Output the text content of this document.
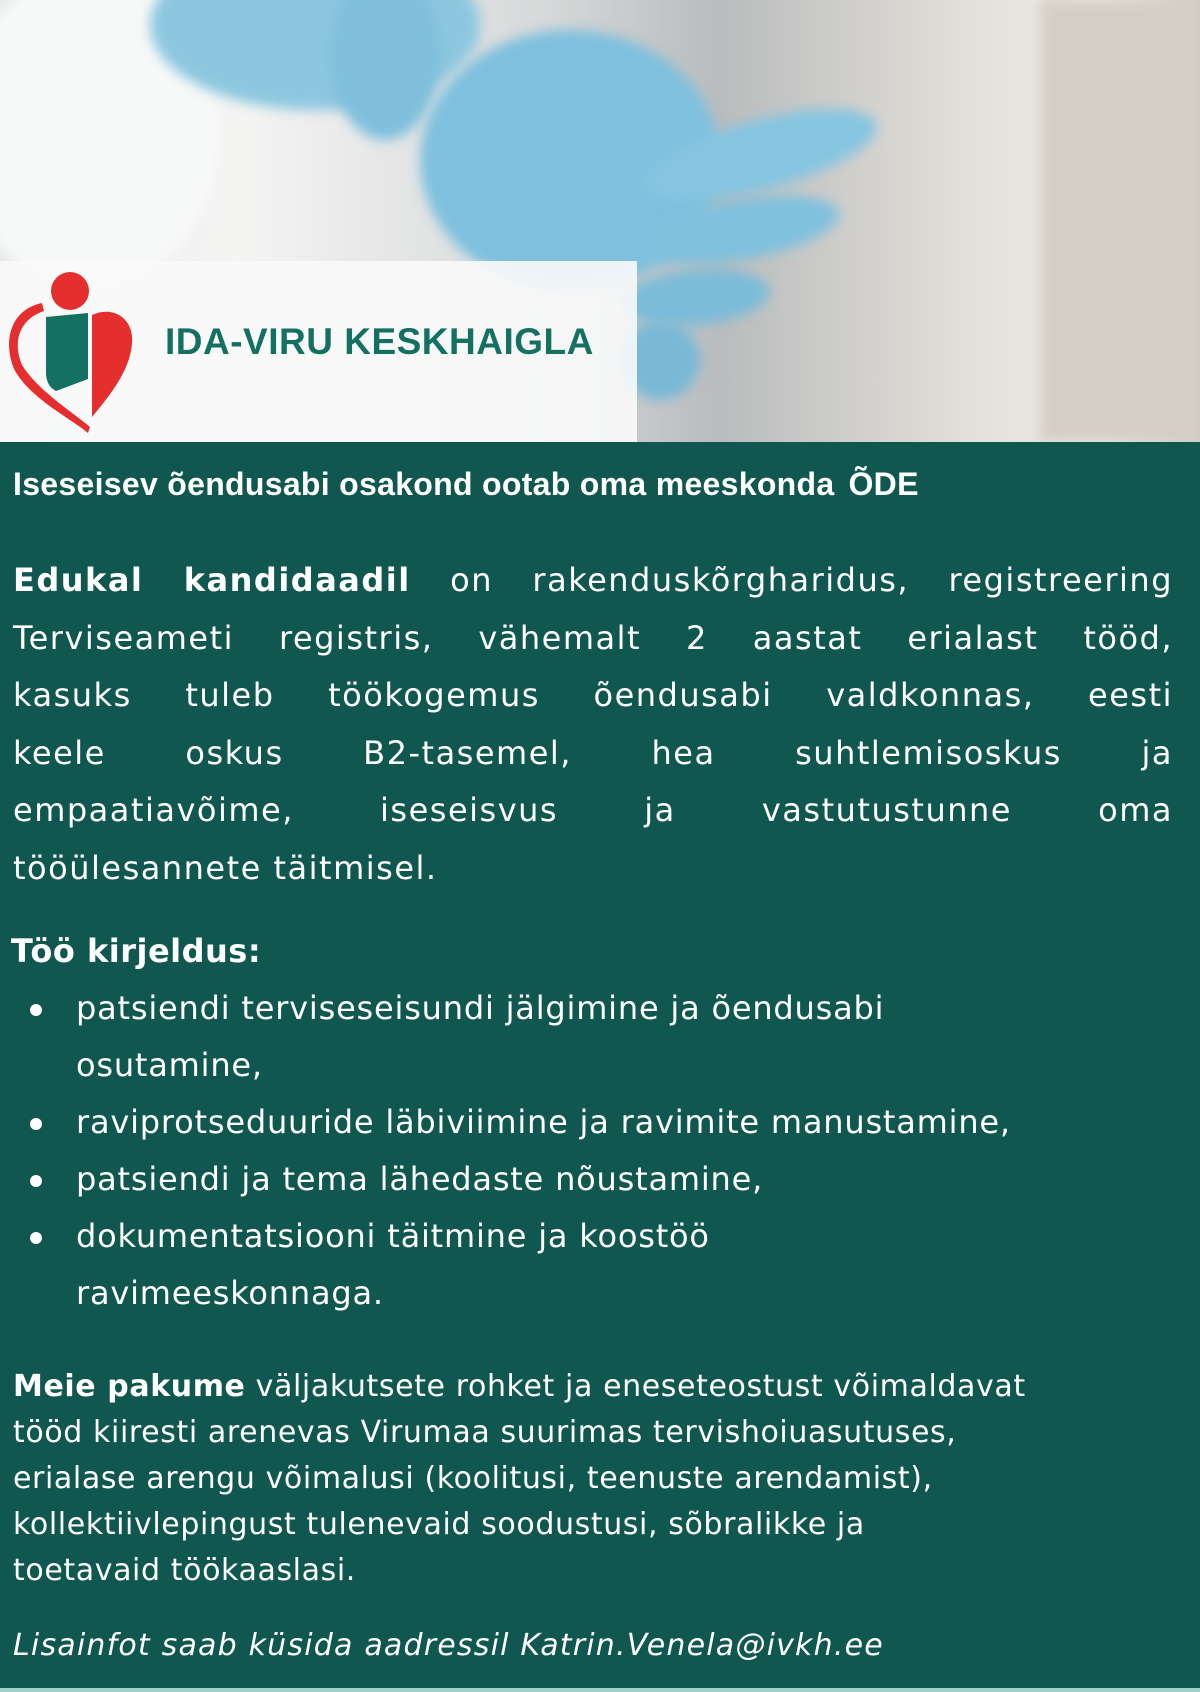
IDA-VIRU KESKHAIGLA
Iseseisev õendusabi osakond ootab oma meeskonda ÕDE
Edukal kandidaadil on rakenduskõrgharidus, registreering
Terviseameti registris, vähemalt 2 aastat erialast tööd,
kasuks tuleb töökogemus õendusabi valdkonnas, eesti
keele oskus B2-tasemel, hea suhtlemisoskus ja
empaatiavõime, iseseisvus ja vastutustunne oma
tööülesannete täitmisel.
Töö kirjeldus:
patsiendi terviseseisundi jälgimine ja õendusabi
osutamine,
raviprotseduuride läbiviimine ja ravimite manustamine,
patsiendi ja tema lähedaste nõustamine,
dokumentatsiooni täitmine ja koostöö
ravimeeskonnaga.
Meie pakume väljakutsete rohket ja eneseteostust võimaldavat
tööd kiiresti arenevas Virumaa suurimas tervishoiuasutuses,
erialase arengu võimalusi (koolitusi, teenuste arendamist),
kollektiivlepingust tulenevaid soodustusi, sõbralikke ja
toetavaid töökaaslasi.
Lisainfot saab küsida aadressil Katrin.Venela@ivkh.ee
